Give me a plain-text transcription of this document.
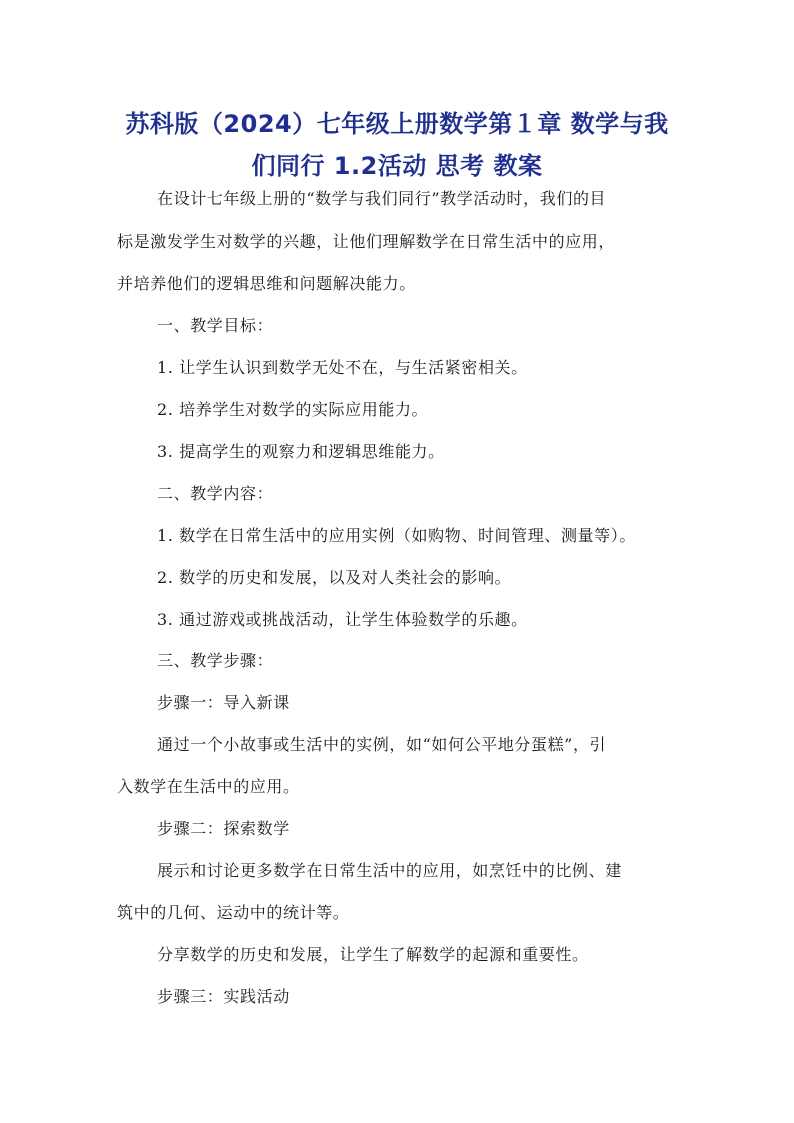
苏科版（2024）七年级上册数学第１章 数学与我
们同行 1.2活动 思考 教案
在设计七年级上册的“数学与我们同行”教学活动时，我们的目
标是激发学生对数学的兴趣，让他们理解数学在日常生活中的应用，
并培养他们的逻辑思维和问题解决能力。
一、教学目标：
1. 让学生认识到数学无处不在，与生活紧密相关。
2. 培养学生对数学的实际应用能力。
3. 提高学生的观察力和逻辑思维能力。
二、教学内容：
1. 数学在日常生活中的应用实例（如购物、时间管理、测量等）。
2. 数学的历史和发展，以及对人类社会的影响。
3. 通过游戏或挑战活动，让学生体验数学的乐趣。
三、教学步骤：
步骤一：导入新课
通过一个小故事或生活中的实例，如“如何公平地分蛋糕”，引
入数学在生活中的应用。
步骤二：探索数学
展示和讨论更多数学在日常生活中的应用，如烹饪中的比例、建
筑中的几何、运动中的统计等。
分享数学的历史和发展，让学生了解数学的起源和重要性。
步骤三：实践活动
